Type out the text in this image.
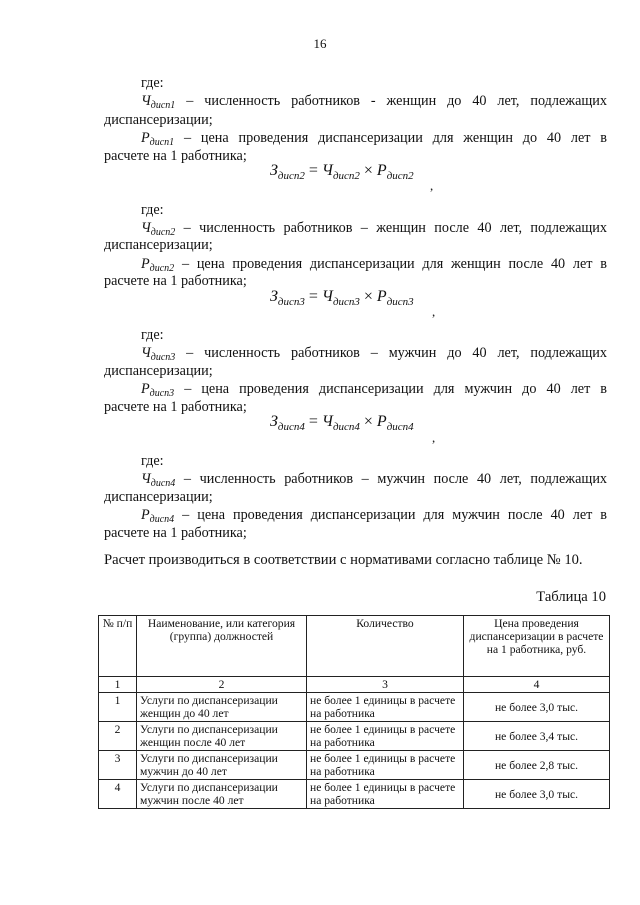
16
где:
$Ч_{дисп1}$ – численность работников - женщин до 40 лет, подлежащих
диспансеризации;
$Р_{дисп1}$ – цена проведения диспансеризации для женщин до 40 лет в
расчете на 1 работника;
$З_{дисп2} = Ч_{дисп2} \times Р_{дисп2}$
,
где:
$Ч_{дисп2}$ – численность работников – женщин после 40 лет, подлежащих
диспансеризации;
$Р_{дисп2}$ – цена проведения диспансеризации для женщин после 40 лет в
расчете на 1 работника;
$З_{дисп3} = Ч_{дисп3} \times Р_{дисп3}$
,
где:
$Ч_{дисп3}$ – численность работников – мужчин до 40 лет, подлежащих
диспансеризации;
$Р_{дисп3}$ – цена проведения диспансеризации для мужчин до 40 лет в
расчете на 1 работника;
$З_{дисп4} = Ч_{дисп4} \times Р_{дисп4}$
,
где:
$Ч_{дисп4}$ – численность работников – мужчин после 40 лет, подлежащих
диспансеризации;
$Р_{дисп4}$ – цена проведения диспансеризации для мужчин после 40 лет в
расчете на 1 работника;
Расчет производиться в соответствии с нормативами согласно таблице № 10.
Таблица 10
№ п/п	Наименование, или категория (группа) должностей	Количество	Цена проведения диспансеризации в расчете на 1 работника, руб.
1	2	3	4
1	Услуги по диспансеризации женщин до 40 лет	не более 1 единицы в расчете на работника	не более 3,0 тыс.
2	Услуги по диспансеризации женщин после 40 лет	не более 1 единицы в расчете на работника	не более 3,4 тыс.
3	Услуги по диспансеризации мужчин до 40 лет	не более 1 единицы в расчете на работника	не более 2,8 тыс.
4	Услуги по диспансеризации мужчин после 40 лет	не более 1 единицы в расчете на работника	не более 3,0 тыс.
